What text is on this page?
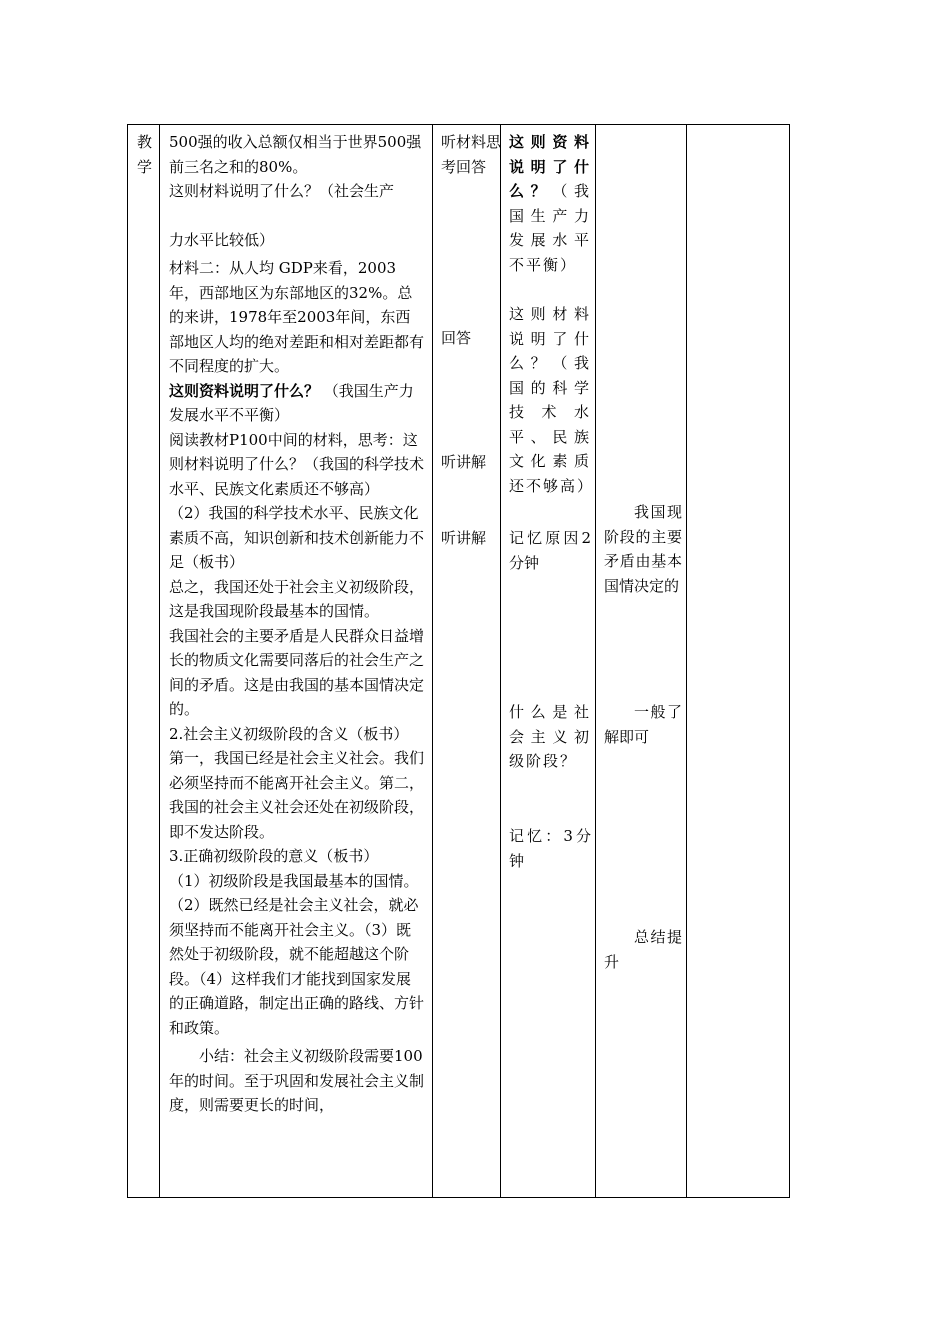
教
学

500强的收入总额仅相当于世界500强前三名之和的80%。

这则材料说明了什么？（社会生产

力水平比较低）

材料二：从人均 GDP来看，2003年，西部地区为东部地区的32%。总的来讲，1978年至2003年间，东西部地区人均的绝对差距和相对差距都有不同程度的扩大。

这则资料说明了什么？ （我国生产力发展水平不平衡）

阅读教材P100中间的材料，思考：这则材料说明了什么？（我国的科学技术水平、民族文化素质还不够高）

（2）我国的科学技术水平、民族文化素质不高，知识创新和技术创新能力不足（板书）

总之，我国还处于社会主义初级阶段，这是我国现阶段最基本的国情。

我国社会的主要矛盾是人民群众日益增长的物质文化需要同落后的社会生产之间的矛盾。这是由我国的基本国情决定的。

2.社会主义初级阶段的含义（板书）

第一，我国已经是社会主义社会。我们必须坚持而不能离开社会主义。第二，我国的社会主义社会还处在初级阶段，即不发达阶段。

3.正确初级阶段的意义（板书）

（1）初级阶段是我国最基本的国情。（2）既然已经是社会主义社会，就必须坚持而不能离开社会主义。（3）既然处于初级阶段，就不能超越这个阶段。（4）这样我们才能找到国家发展的正确道路，制定出正确的路线、方针和政策。

小结：社会主义初级阶段需要100年的时间。至于巩固和发展社会主义制度，则需要更长的时间，

听材料思考回答

回答

听讲解

听讲解

这则资料说明了什么？（我国生产力发展水平不平衡）

这则材料说明了什么？（我国的科学技术水平、民族文化素质还不够高）

记忆原因2分钟

什么是社会主义初级阶段？

记忆：3分钟

我国现阶段的主要矛盾由基本国情决定的

一般了解即可

总结提升
